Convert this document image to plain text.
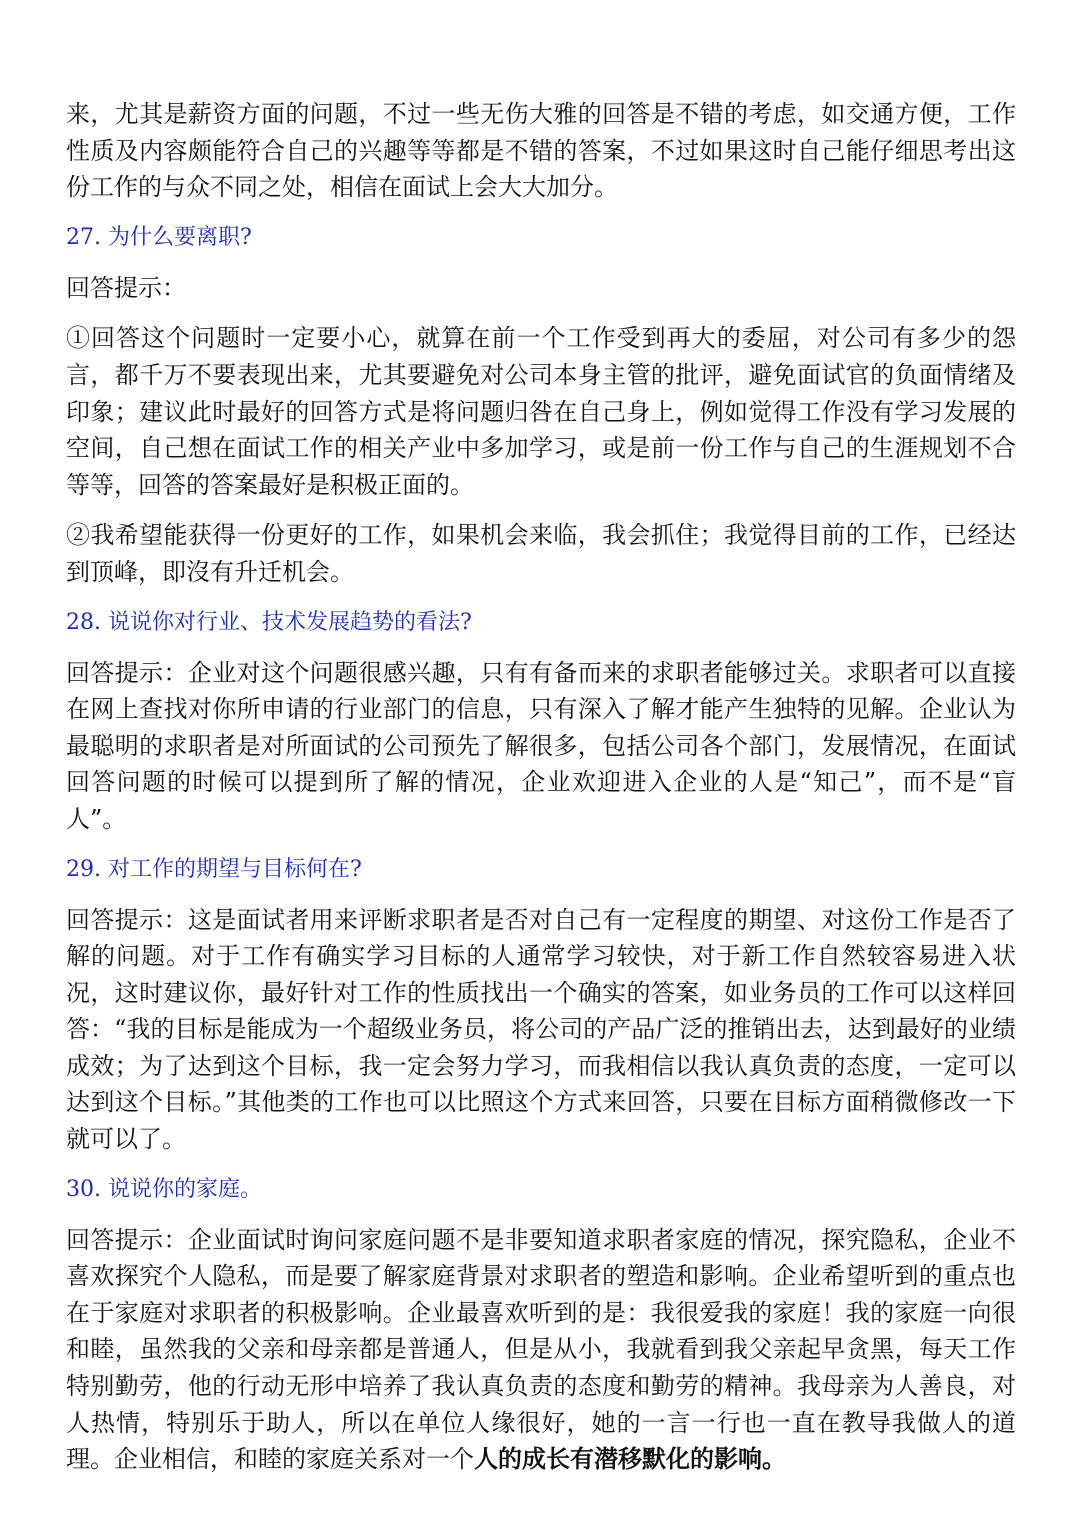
来，尤其是薪资方面的问题，不过一些无伤大雅的回答是不错的考虑，如交通方便，工作性质及内容颇能符合自己的兴趣等等都是不错的答案，不过如果这时自己能仔细思考出这份工作的与众不同之处，相信在面试上会大大加分。

27. 为什么要离职?

回答提示：

①回答这个问题时一定要小心，就算在前一个工作受到再大的委屈，对公司有多少的怨言，都千万不要表现出来，尤其要避免对公司本身主管的批评，避免面试官的负面情绪及印象；建议此时最好的回答方式是将问题归咎在自己身上，例如觉得工作没有学习发展的空间，自己想在面试工作的相关产业中多加学习，或是前一份工作与自己的生涯规划不合等等，回答的答案最好是积极正面的。

②我希望能获得一份更好的工作，如果机会来临，我会抓住；我觉得目前的工作，已经达到顶峰，即沒有升迁机会。

28. 说说你对行业、技术发展趋势的看法?

回答提示：企业对这个问题很感兴趣，只有有备而来的求职者能够过关。求职者可以直接在网上查找对你所申请的行业部门的信息，只有深入了解才能产生独特的见解。企业认为最聪明的求职者是对所面试的公司预先了解很多，包括公司各个部门，发展情况，在面试回答问题的时候可以提到所了解的情况，企业欢迎进入企业的人是“知己”，而不是“盲人”。

29. 对工作的期望与目标何在?

回答提示：这是面试者用来评断求职者是否对自己有一定程度的期望、对这份工作是否了解的问题。对于工作有确实学习目标的人通常学习较快，对于新工作自然较容易进入状况，这时建议你，最好针对工作的性质找出一个确实的答案，如业务员的工作可以这样回答：“我的目标是能成为一个超级业务员，将公司的产品广泛的推销出去，达到最好的业绩成效；为了达到这个目标，我一定会努力学习，而我相信以我认真负责的态度，一定可以达到这个目标。”其他类的工作也可以比照这个方式来回答，只要在目标方面稍微修改一下就可以了。

30. 说说你的家庭。

回答提示：企业面试时询问家庭问题不是非要知道求职者家庭的情况，探究隐私，企业不喜欢探究个人隐私，而是要了解家庭背景对求职者的塑造和影响。企业希望听到的重点也在于家庭对求职者的积极影响。企业最喜欢听到的是：我很爱我的家庭！我的家庭一向很和睦，虽然我的父亲和母亲都是普通人，但是从小，我就看到我父亲起早贪黑，每天工作特别勤劳，他的行动无形中培养了我认真负责的态度和勤劳的精神。我母亲为人善良，对人热情，特别乐于助人，所以在单位人缘很好，她的一言一行也一直在教导我做人的道理。企业相信，和睦的家庭关系对一个人的成长有潜移默化的影响。
